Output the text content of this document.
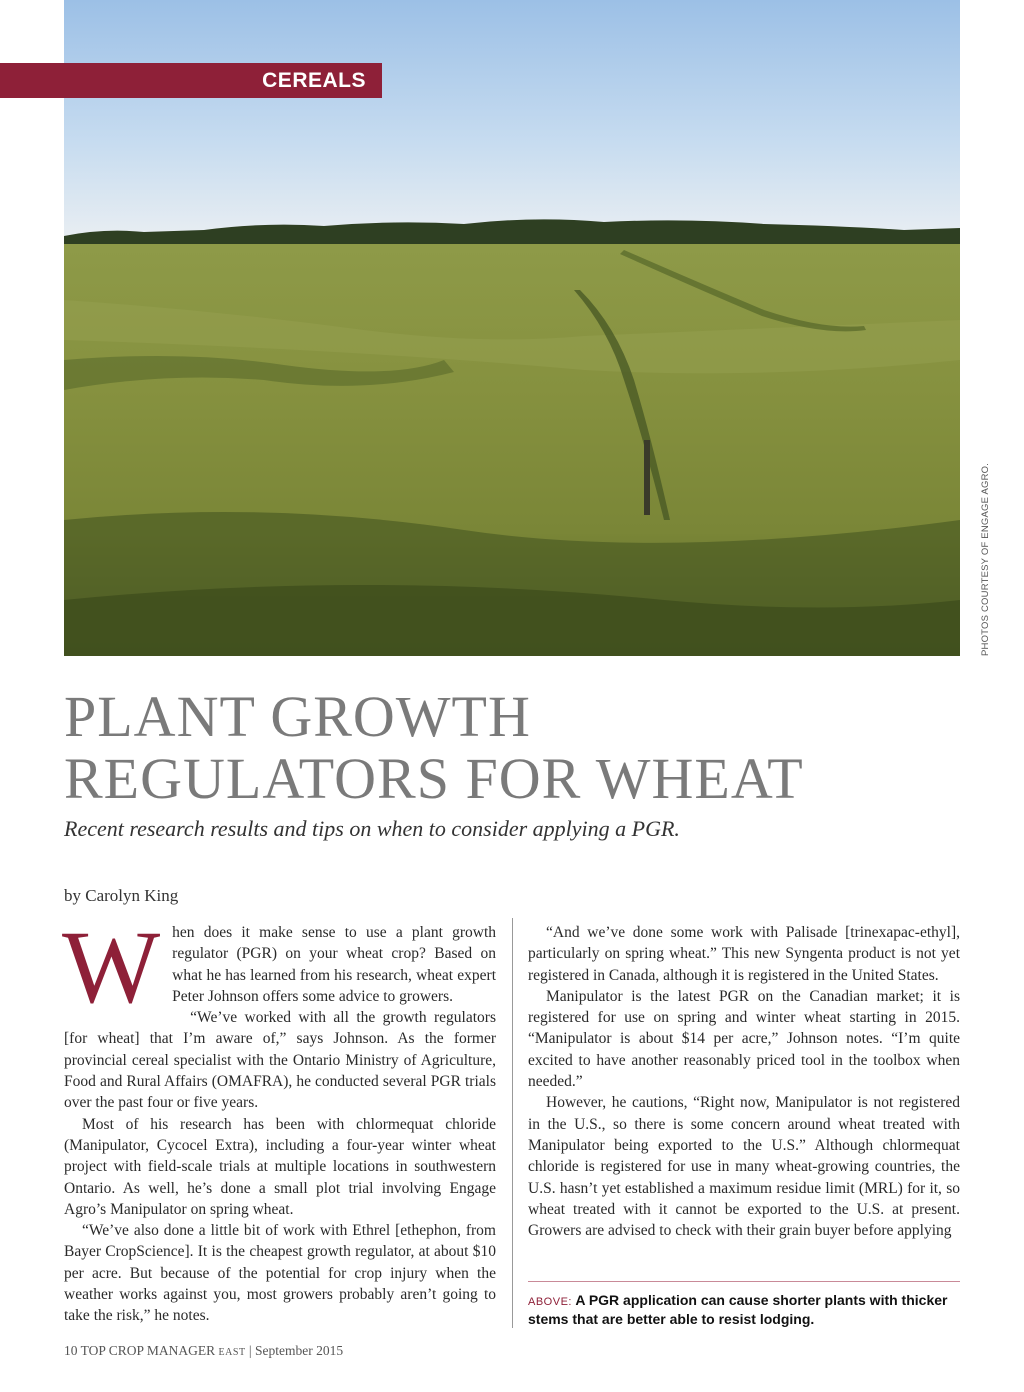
CEREALS
PHOTOS COURTESY OF ENGAGE AGRO.
PLANT GROWTH
REGULATORS FOR WHEAT

Recent research results and tips on when to consider applying a PGR.

by Carolyn King
W hen does it make sense to use a plant growth regulator (PGR) on your wheat crop? Based on what he has learned from his research, wheat expert Peter Johnson offers some advice to growers.

“We’ve worked with all the growth regulators [for wheat] that I’m aware of,” says Johnson. As the former provincial cereal specialist with the Ontario Ministry of Agriculture, Food and Rural Affairs (OMAFRA), he conducted several PGR trials over the past four or five years.

Most of his research has been with chlormequat chloride (Manipulator, Cycocel Extra), including a four-year winter wheat project with field-scale trials at multiple locations in southwestern Ontario. As well, he’s done a small plot trial involving Engage Agro’s Manipulator on spring wheat.

“We’ve also done a little bit of work with Ethrel [ethephon, from Bayer CropScience]. It is the cheapest growth regulator, at about $10 per acre. But because of the potential for crop injury when the weather works against you, most growers probably aren’t going to take the risk,” he notes.

“And we’ve done some work with Palisade [trinexapac-ethyl], particularly on spring wheat.” This new Syngenta product is not yet registered in Canada, although it is registered in the United States.

Manipulator is the latest PGR on the Canadian market; it is registered for use on spring and winter wheat starting in 2015. “Manipulator is about $14 per acre,” Johnson notes. “I’m quite excited to have another reasonably priced tool in the toolbox when needed.”

However, he cautions, “Right now, Manipulator is not registered in the U.S., so there is some concern around wheat treated with Manipulator being exported to the U.S.” Although chlormequat chloride is registered for use in many wheat-growing countries, the U.S. hasn’t yet established a maximum residue limit (MRL) for it, so wheat treated with it cannot be exported to the U.S. at present. Growers are advised to check with their grain buyer before applying

ABOVE: A PGR application can cause shorter plants with thicker stems that are better able to resist lodging.
10 TOP CROP MANAGER EAST | September 2015
